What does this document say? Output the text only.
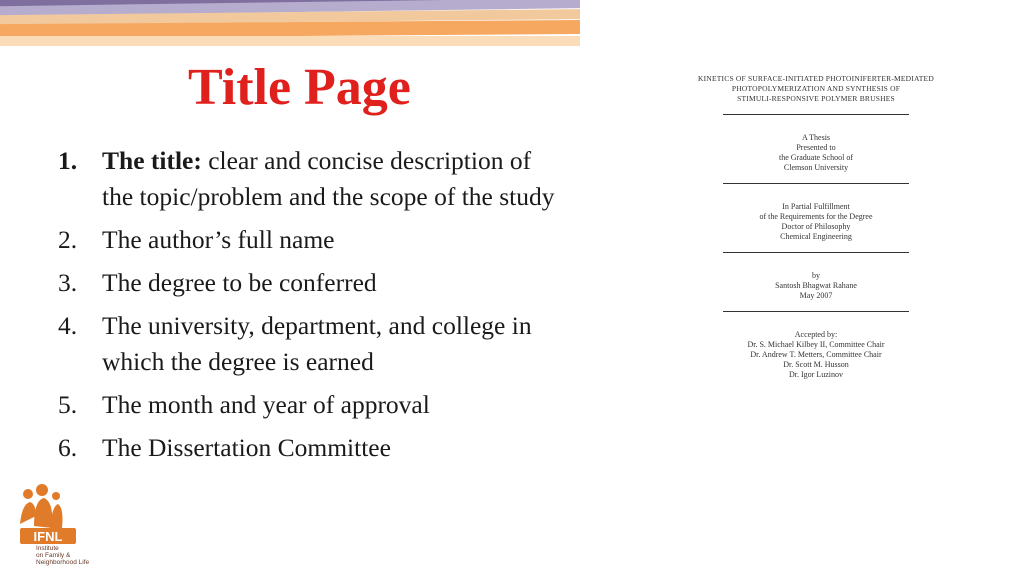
Title Page
1. The title: clear and concise description of the topic/problem and the scope of the study
2. The author’s full name
3. The degree to be conferred
4. The university, department, and college in which the degree is earned
5. The month and year of approval
6. The Dissertation Committee
IFNL
Institute
on Family &
Neighborhood Life
KINETICS OF SURFACE-INITIATED PHOTOINIFERTER-MEDIATED
PHOTOPOLYMERIZATION AND SYNTHESIS OF
STIMULI-RESPONSIVE POLYMER BRUSHES
A Thesis
Presented to
the Graduate School of
Clemson University
In Partial Fulfillment
of the Requirements for the Degree
Doctor of Philosophy
Chemical Engineering
by
Santosh Bhagwat Rahane
May 2007
Accepted by:
Dr. S. Michael Kilbey II, Committee Chair
Dr. Andrew T. Metters, Committee Chair
Dr. Scott M. Husson
Dr. Igor Luzinov
